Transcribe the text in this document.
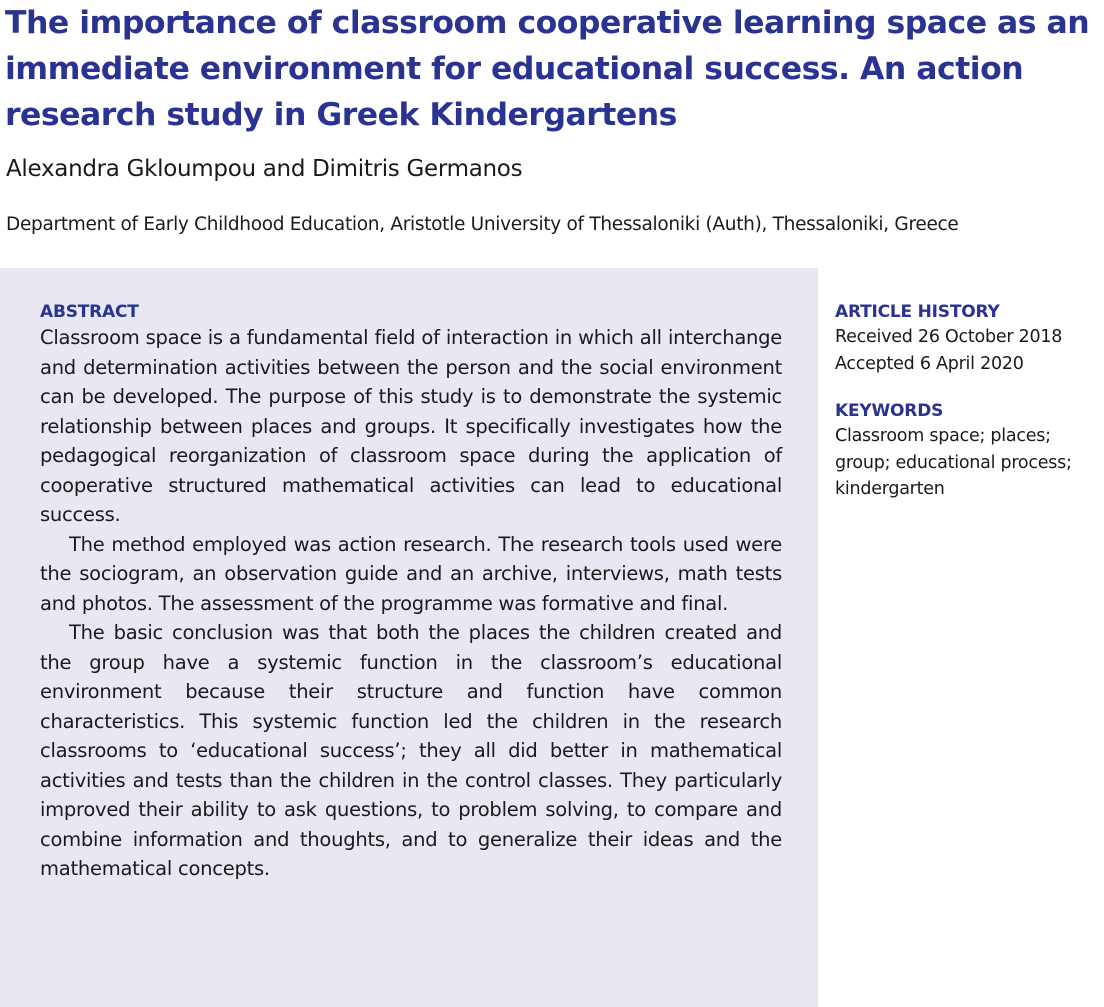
The importance of classroom cooperative learning space as an immediate environment for educational success. An action research study in Greek Kindergartens
Alexandra Gkloumpou and Dimitris Germanos
Department of Early Childhood Education, Aristotle University of Thessaloniki (Auth), Thessaloniki, Greece
ABSTRACT

Classroom space is a fundamental field of interaction in which all interchange and determination activities between the person and the social environment can be developed. The purpose of this study is to demonstrate the systemic relationship between places and groups. It specifically investigates how the pedagogical reorganization of classroom space during the application of cooperative structured mathematical activities can lead to educational success.

The method employed was action research. The research tools used were the sociogram, an observation guide and an archive, interviews, math tests and photos. The assessment of the programme was formative and final.

The basic conclusion was that both the places the children created and the group have a systemic function in the classroom’s educational environment because their structure and function have common characteristics. This systemic function led the children in the research classrooms to ‘educational success’; they all did better in mathematical activities and tests than the children in the control classes. They particularly improved their ability to ask questions, to problem solving, to compare and combine information and thoughts, and to generalize their ideas and the mathematical concepts.

ARTICLE HISTORY
Received 26 October 2018
Accepted 6 April 2020
KEYWORDS
Classroom space; places; group; educational process; kindergarten
